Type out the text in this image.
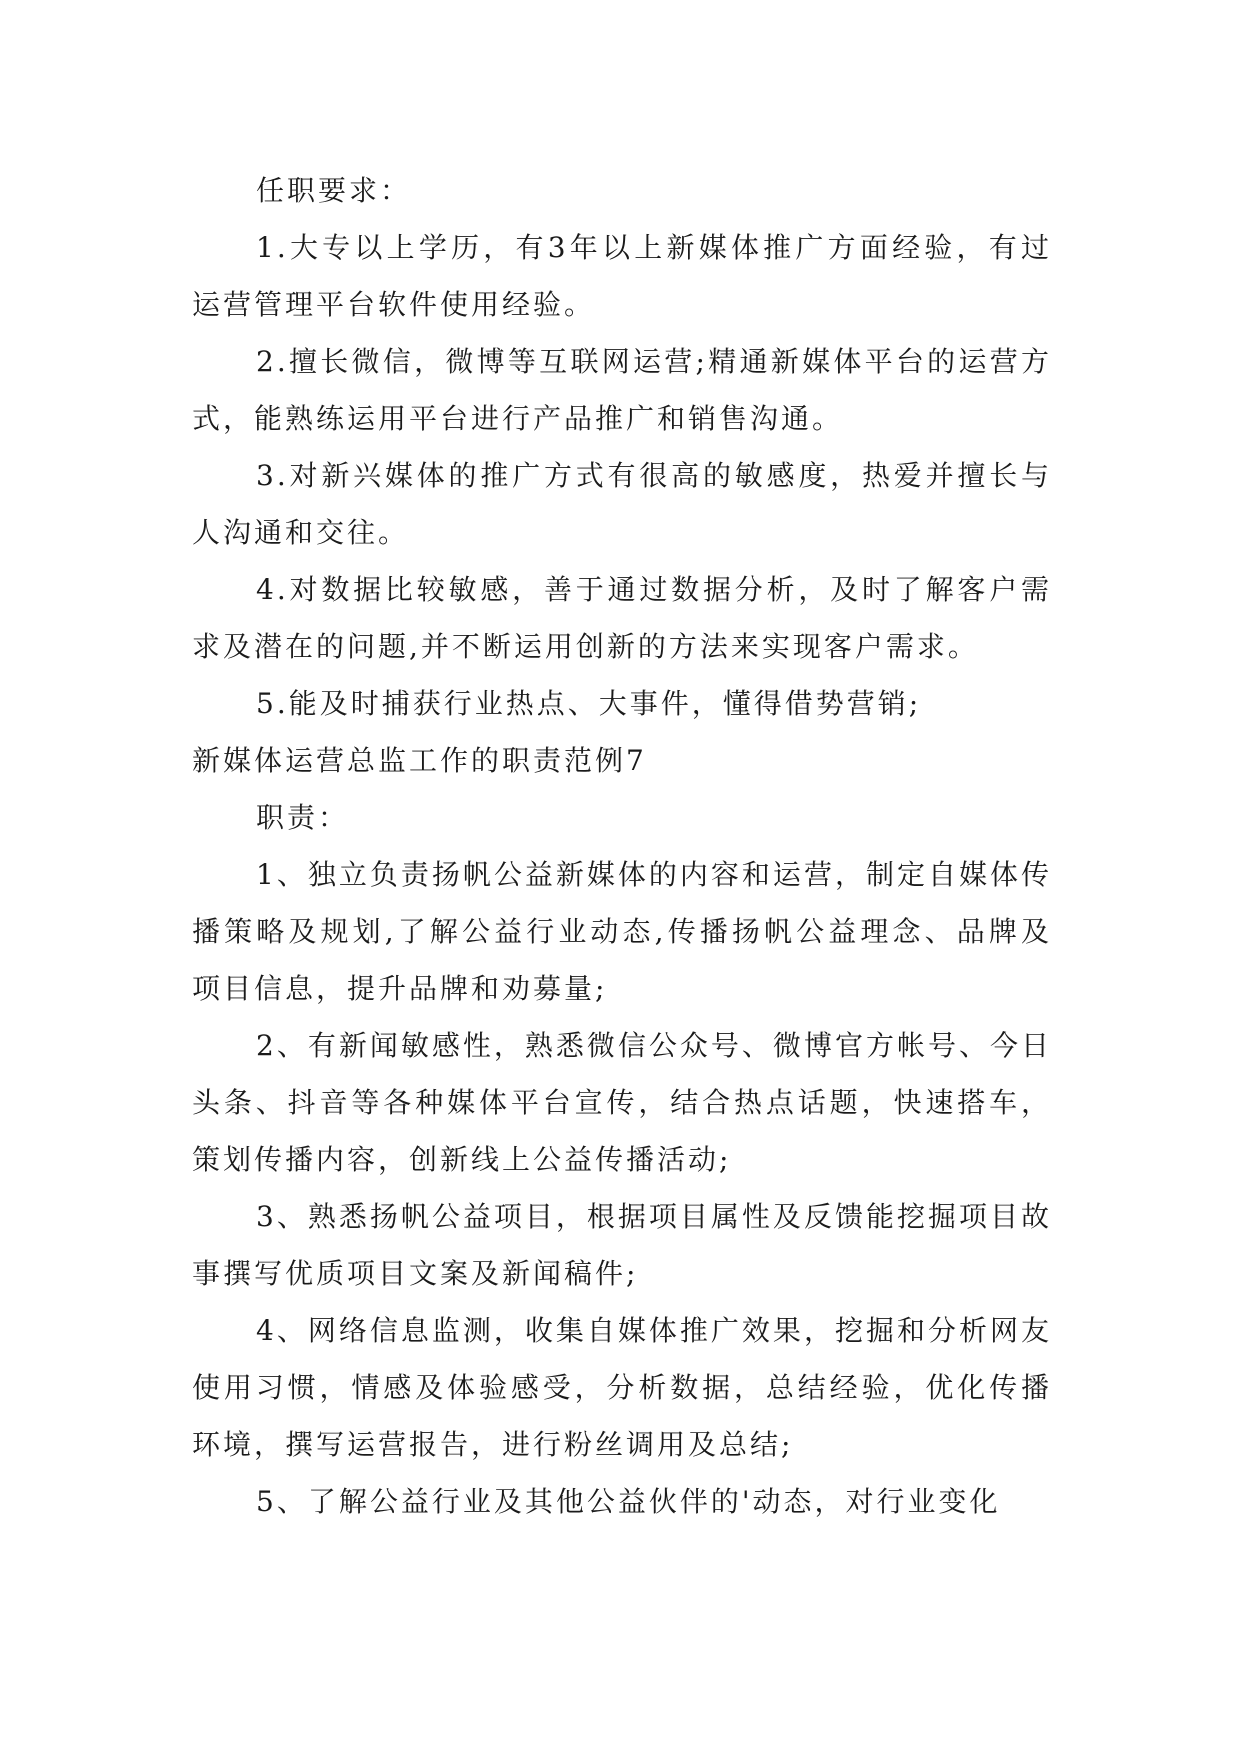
任职要求：

1.大专以上学历，有3年以上新媒体推广方面经验，有过运营管理平台软件使用经验。

2.擅长微信，微博等互联网运营;精通新媒体平台的运营方式，能熟练运用平台进行产品推广和销售沟通。

3.对新兴媒体的推广方式有很高的敏感度，热爱并擅长与人沟通和交往。

4.对数据比较敏感，善于通过数据分析，及时了解客户需求及潜在的问题,并不断运用创新的方法来实现客户需求。

5.能及时捕获行业热点、大事件，懂得借势营销;

新媒体运营总监工作的职责范例7

职责：

1、独立负责扬帆公益新媒体的内容和运营，制定自媒体传播策略及规划,了解公益行业动态,传播扬帆公益理念、品牌及项目信息，提升品牌和劝募量;

2、有新闻敏感性，熟悉微信公众号、微博官方帐号、今日头条、抖音等各种媒体平台宣传，结合热点话题，快速搭车，策划传播内容，创新线上公益传播活动;

3、熟悉扬帆公益项目，根据项目属性及反馈能挖掘项目故事撰写优质项目文案及新闻稿件;

4、网络信息监测，收集自媒体推广效果，挖掘和分析网友使用习惯，情感及体验感受，分析数据，总结经验，优化传播环境，撰写运营报告，进行粉丝调用及总结;

5、了解公益行业及其他公益伙伴的'动态，对行业变化
